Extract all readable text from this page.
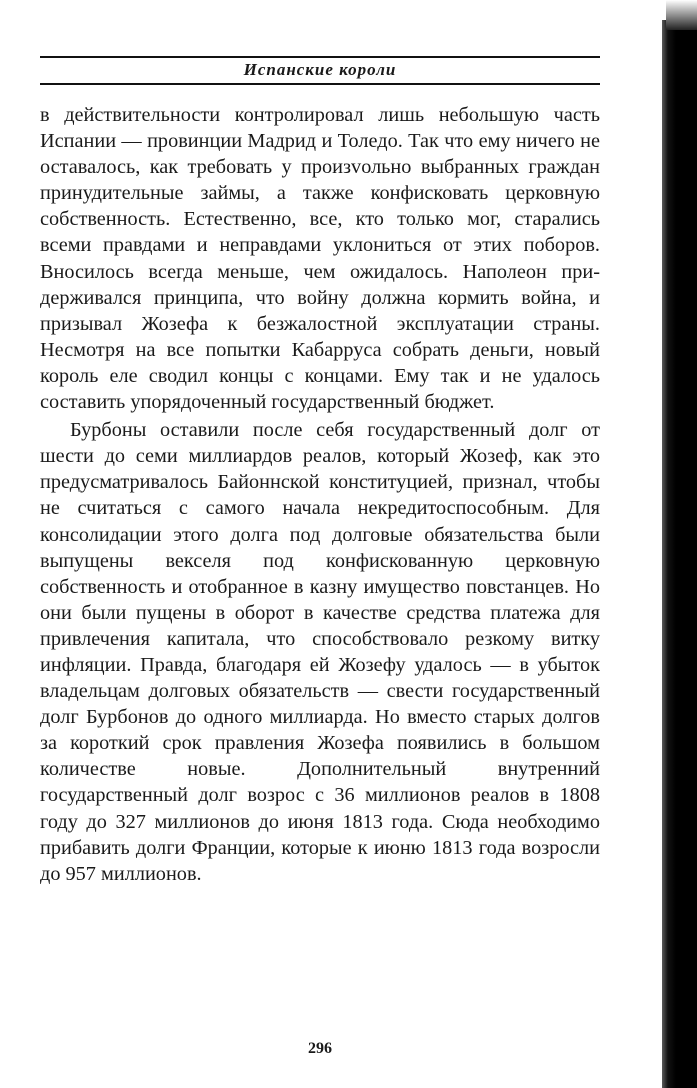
Испанские короли

в действительности контролировал лишь небольшую часть Испании — провинции Мадрид и Толедо. Так что ему ничего не оставалось, как требовать у произvольно выбранных граждан принудительные займы, а также конфисковать церковную собственность. Естественно, все, кто только мог, старались всеми правдами и неправдами уклониться от этих поборов. Вносилось всегда меньше, чем ожидалось. Наполеон придерживался принципа, что войну должна кормить война, и призывал Жозефа к безжалостной эксплуатации страны. Несмотря на все попытки Кабарруса собрать деньги, новый король еле сводил концы с концами. Ему так и не удалось составить упорядоченный государственный бюджет.

Бурбоны оставили после себя государственный долг от шести до семи миллиардов реалов, который Жозеф, как это предусматривалось Байоннской конституцией, признал, чтобы не считаться с самого начала некредитоспособным. Для консолидации этого долга под долговые обязательства были выпущены векселя под конфискованную церковную собственность и отобранное в казну имущество повстанцев. Но они были пущены в оборот в качестве средства платежа для привлечения капитала, что способствовало резкому витку инфляции. Правда, благодаря ей Жозефу удалось — в убыток владельцам долговых обязательств — свести государственный долг Бурбонов до одного миллиарда. Но вместо старых долгов за короткий срок правления Жозефа появились в большом количестве новые. Дополнительный внутренний государственный долг возрос с 36 миллионов реалов в 1808 году до 327 миллионов до июня 1813 года. Сюда необходимо прибавить долги Франции, которые к июню 1813 года возросли до 957 миллионов.

296
